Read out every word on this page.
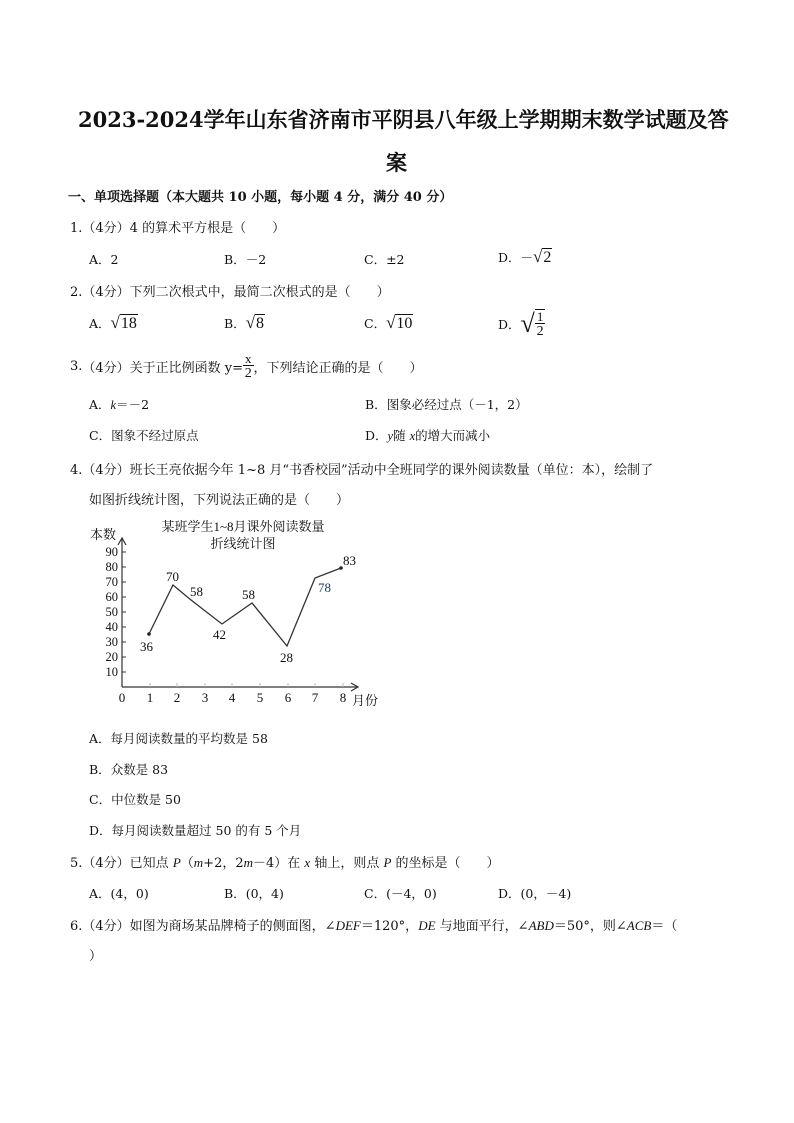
2023-2024学年山东省济南市平阴县八年级上学期期末数学试题及答
案
一、单项选择题（本大题共 10 小题，每小题 4 分，满分 40 分）
1.（4分）4 的算术平方根是（　　）
A．2	B．－2	C．±2	D．－√2
2.（4分）下列二次根式中，最简二次根式的是（　　）
A．√18	B．√8	C．√10	D．√ $\frac{1}{2}$
3.（4分）关于正比例函数 $y= \frac{x}{2}$ ，下列结论正确的是（　　）
A．k＝－2	B．图象必经过点（－1，2）
C．图象不经过原点	D．y随 x的增大而减小
4.（4分）班长王亮依据今年 1~8 月“书香校园”活动中全班同学的课外阅读数量（单位：本），绘制了
如图折线统计图，下列说法正确的是（　　）
某班学生1~8月课外阅读数量
折线统计图
本数
月份
10
20
30
40
50
60
70
80
90
0 1 2 3 4 5 6 7 8
36
70
58
42
58
28
78
83
A．每月阅读数量的平均数是 58
B．众数是 83
C．中位数是 50
D．每月阅读数量超过 50 的有 5 个月
5.（4分）已知点 P（m+2，2m－4）在 x 轴上，则点 P 的坐标是（　　）
A．(4，0)	B．(0，4)	C．(－4，0)	D．(0，－4)
6.（4分）如图为商场某品牌椅子的侧面图，∠DEF＝120°，DE 与地面平行，∠ABD＝50°，则∠ACB＝（
）
